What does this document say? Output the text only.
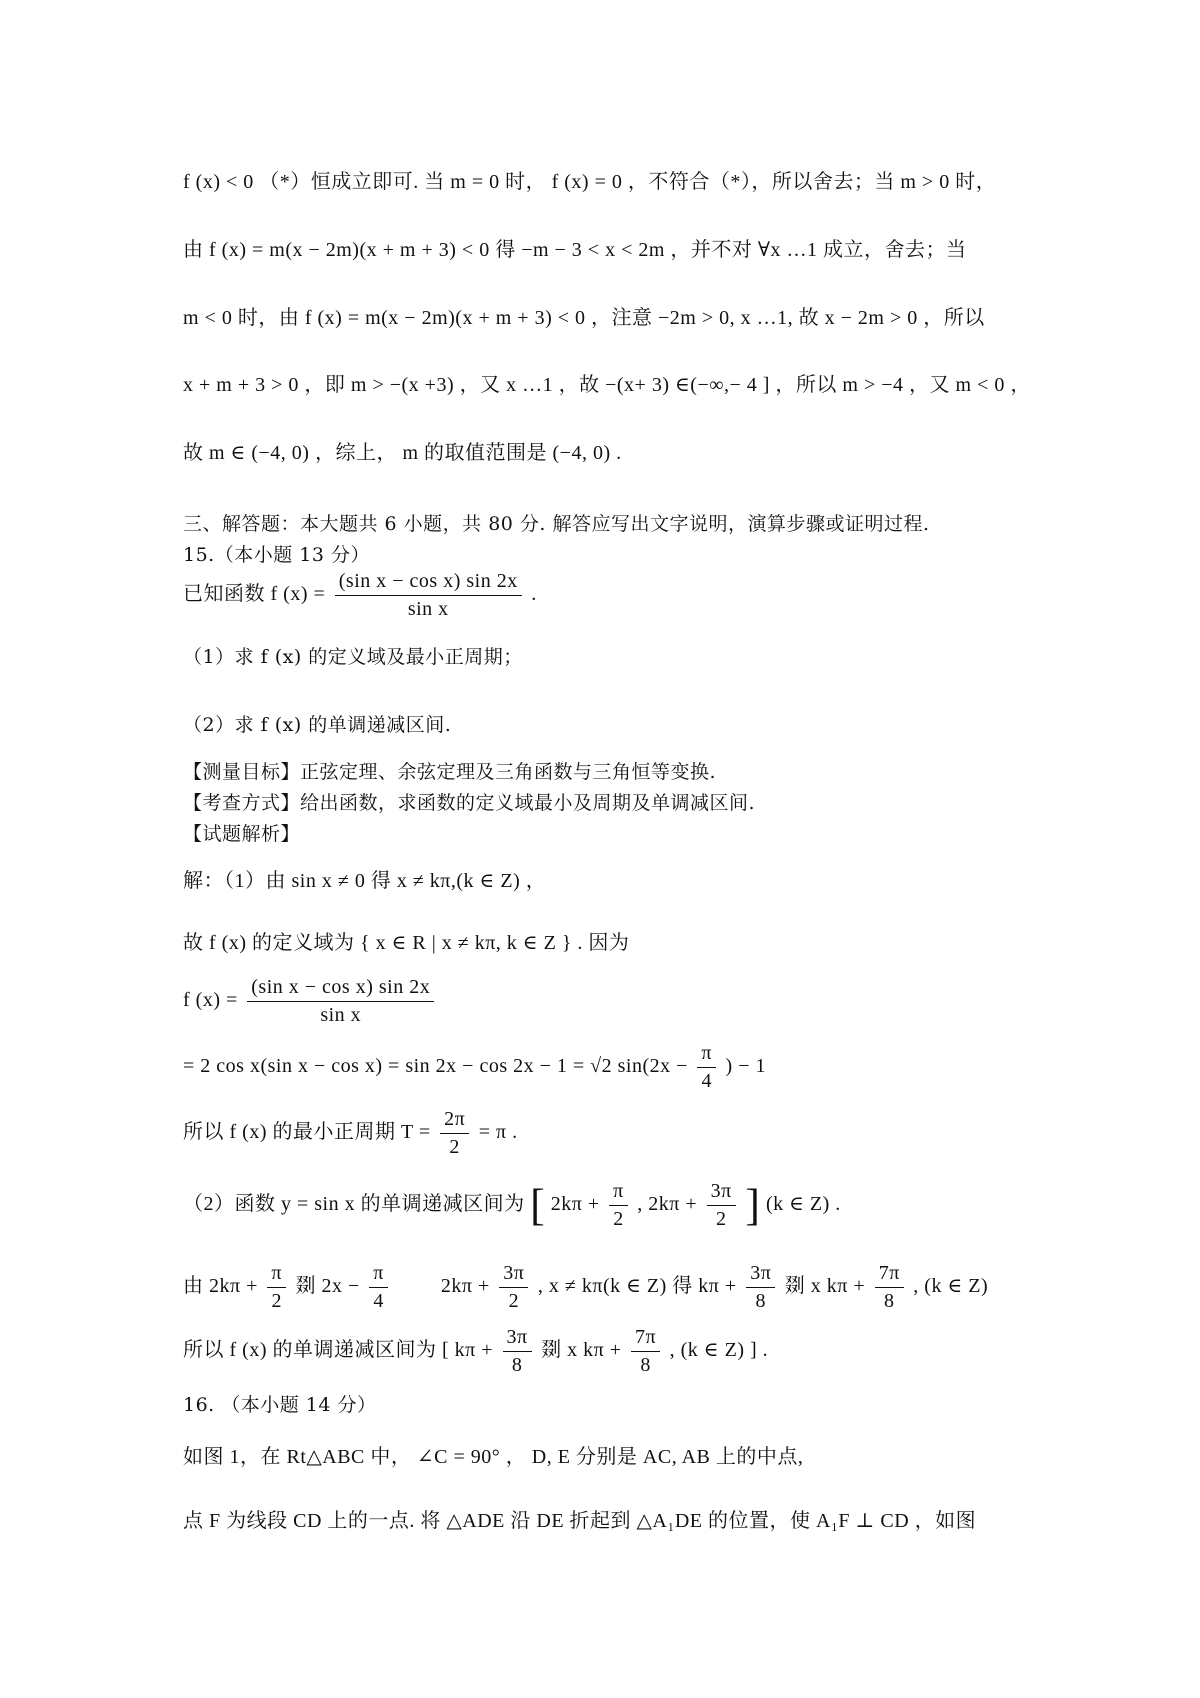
f (x) < 0 （*）恒成立即可. 当 m = 0 时， f (x) = 0 ，不符合（*），所以舍去；当 m > 0 时，
由 f (x) = m(x − 2m)(x + m + 3) < 0 得 −m − 3 < x < 2m ，并不对 ∀x …1 成立，舍去；当
m < 0 时，由 f (x) = m(x − 2m)(x + m + 3) < 0 ，注意 −2m > 0, x …1, 故 x − 2m > 0 ，所以
x + m + 3 > 0 ，即 m > −(x +3) ，又 x …1 ，故 −(x+ 3) ∈(−∞,− 4 ] ，所以 m > −4 ，又 m < 0 ，
故 m ∈ (−4, 0) ，综上， m 的取值范围是 (−4, 0) .
三、解答题：本大题共 6 小题，共 80 分. 解答应写出文字说明，演算步骤或证明过程.
15.（本小题 13 分）
已知函数 f $(x) = \frac{\text{(sin x − cos x) sin 2x}}{\text{sin x}}$ .
（1）求 f (x) 的定义域及最小正周期；
（2）求 f (x) 的单调递减区间.
【测量目标】正弦定理、余弦定理及三角函数与三角恒等变换.
【考查方式】给出函数，求函数的定义域最小及周期及单调减区间.
【试题解析】
解：（1）由 sin x ≠ 0 得 x ≠ kπ,(k ∈ Z) ，
故 f (x) 的定义域为 { x ∈ R | x ≠ kπ, k ∈ Z } . 因为
f $(x) = \frac{\text{(sin x − cos x) sin 2x}}{\text{sin x}}$
= 2 cos x(sin x − cos x) = sin 2x − cos 2x − 1 = √2 $\sin(2x - \frac{\pi}{4}$ ) − 1
所以 f (x) 的最小正周期 $T = \frac{2\pi}{2} = \pi$ .
（2）函数 y = sin x 的单调递减区间为 [ $2k\pi + \frac{\pi}{2}$ , $2k\pi + \frac{3\pi}{2}$ ] (k ∈ Z) .
由 $2k\pi + \frac{\pi}{2}$ 剟 $2x - \frac{\pi}{4}$	$2k\pi + \frac{3\pi}{2}$ , x ≠ kπ(k ∈ Z) 得 $k\pi + \frac{3\pi}{8}$ 剟 x $k\pi + \frac{7\pi}{8}$ , (k ∈ Z)
所以 f (x) 的单调递减区间为 [ $k\pi + \frac{3\pi}{8}$ 剟 x $k\pi + \frac{7\pi}{8}$ , (k ∈ Z) ] .
16. （本小题 14 分）
如图 1，在 Rt△ABC 中， ∠C = 90° ， D, E 分别是 AC, AB 上的中点,
点 F 为线段 CD 上的一点. 将 △ADE 沿 DE 折起到 △A₁DE 的位置，使 A₁F ⊥ CD ，如图
